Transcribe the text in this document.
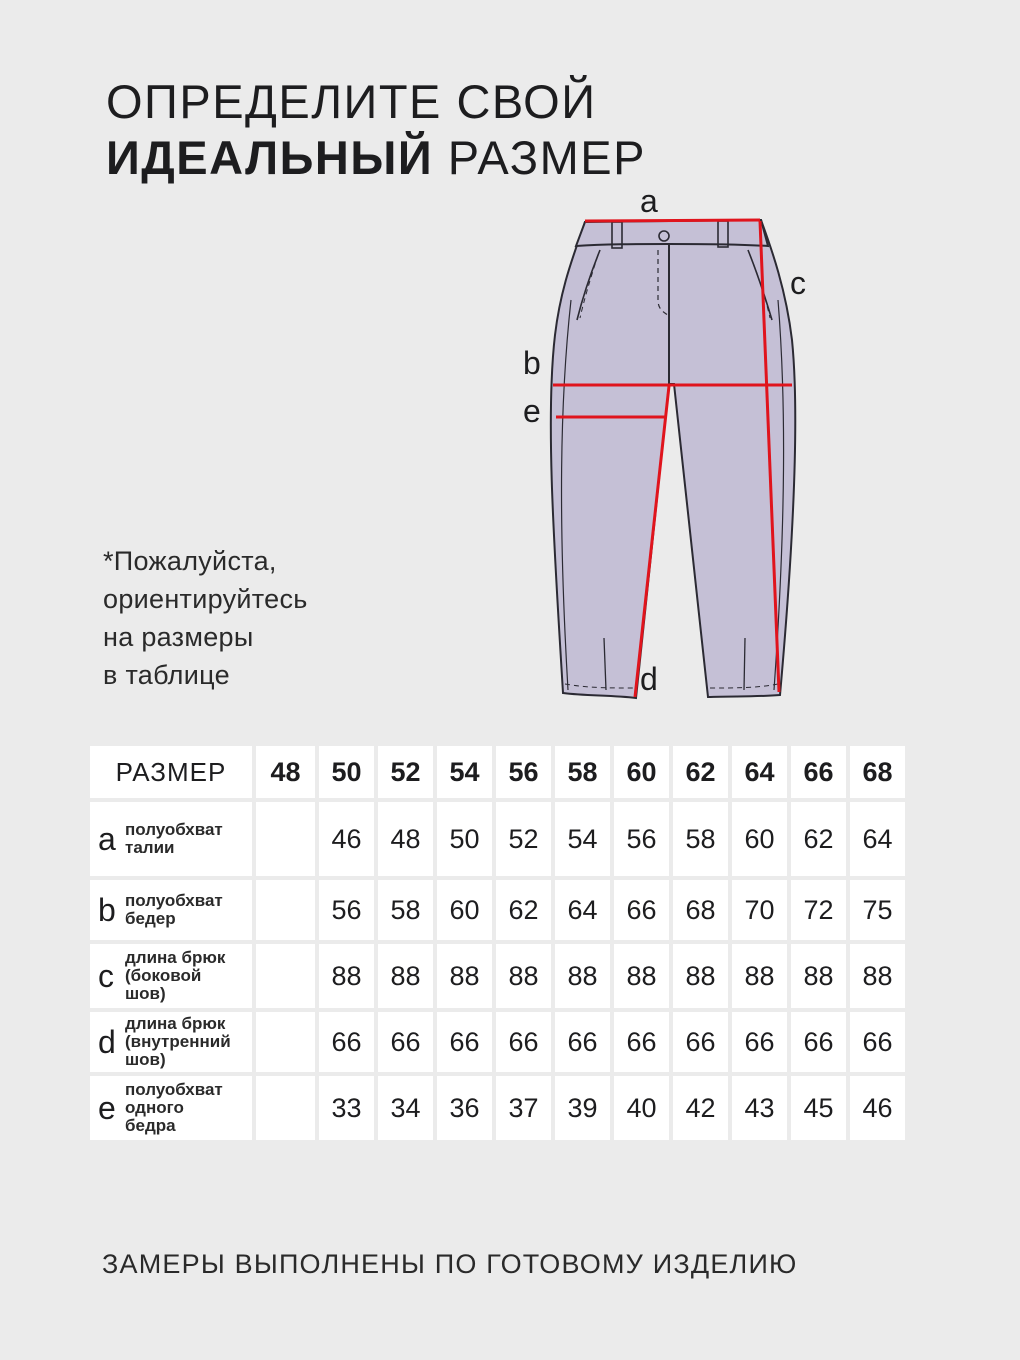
ОПРЕДЕЛИТЕ СВОЙ
ИДЕАЛЬНЫЙ РАЗМЕР
a
c
b
e
d
*Пожалуйста,
ориентируйтесь
на размеры
в таблице
РАЗМЕР	48	50	52	54	56	58	60	62	64	66	68

a полуобхват
талии		46	48	50	52	54	56	58	60	62	64

b полуобхват
бедер		56	58	60	62	64	66	68	70	72	75

c
длина брюк
(боковой
шов)		88	88	88	88	88	88	88	88	88	88

d
длина брюк
(внутренний
шов)		66	66	66	66	66	66	66	66	66	66

e
полуобхват
одного
бедра		33	34	36	37	39	40	42	43	45	46
ЗАМЕРЫ ВЫПОЛНЕНЫ ПО ГОТОВОМУ ИЗДЕЛИЮ
